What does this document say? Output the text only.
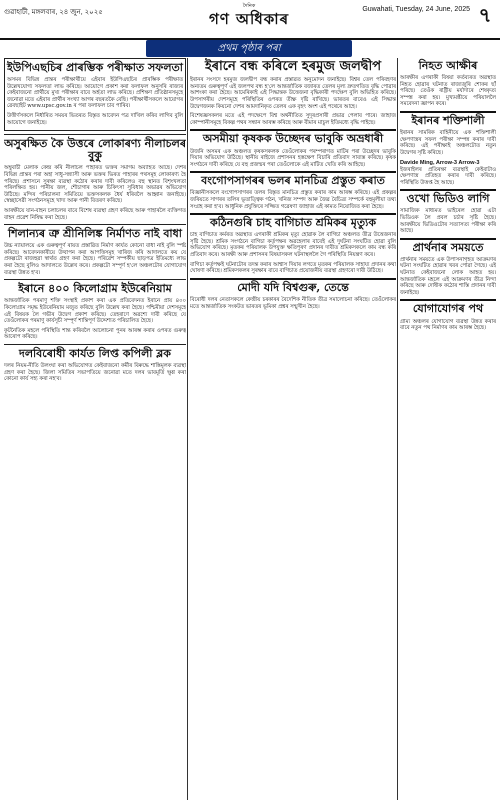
গুৱাহাটী, মঙ্গলবাৰ, ২৪ জুন, ২০২৫
দৈনিক
গণ অধিকাৰ
Guwahati, Tuesday, 24 June, 2025 ৭
প্ৰথম পৃষ্ঠাৰ পৰা
ইউপিএছচিৰ প্ৰাৰম্ভিক পৰীক্ষাত সফলতা
অসমৰ বিভিন্ন প্ৰান্তৰ পৰীক্ষাৰ্থীয়ে এইবাৰ ইউপিএছচিৰ প্ৰাৰম্ভিক পৰীক্ষাত উল্লেখযোগ্য সফলতা লাভ কৰিছে। আয়োগে প্ৰকাশ কৰা ফলাফল অনুসৰি ৰাজ্যৰ কেইবাজনো প্ৰাৰ্থীয়ে মুখ্য পৰীক্ষাৰ বাবে অৰ্হতা লাভ কৰিছে। প্ৰশিক্ষণ প্ৰতিষ্ঠানসমূহে জনোৱা মতে এইবাৰ প্ৰাৰ্থীৰ সংখ্যা আগৰ বছৰতকৈ বেছি। পৰীক্ষাৰ্থীসকলে আয়োগৰ ৱেবছাইট www.upsc.gov.in ৰ পৰা ফলাফল চাব পাৰিব।
উত্তীৰ্ণসকলে নিৰ্ধাৰিত সময়ৰ ভিতৰত বিস্তৃত আবেদন পত্ৰ দাখিল কৰিব লাগিব বুলি আয়োগে জনাইছে।
অসুৰক্ষিত কৈ উত্তৰে লোকাৰণ্য নীলাচলৰ বুকু
অম্বুবাচী মেলাক কেন্দ্ৰ কৰি নীলাচল পাহাৰত ভক্তৰ সমাগম অব্যাহত আছে। দেশৰ বিভিন্ন প্ৰান্তৰ পৰা অহা সাধু-সন্ন্যাসী আৰু ভক্তৰ ভিৰত পাহাৰৰ পথসমূহ লোকাৰণ্য হৈ পৰিছে। প্ৰশাসনে সুৰক্ষা ব্যৱস্থা কঠোৰ কৰাৰ দাবী কৰিলেও বহু স্থানত বিশৃংখলতা পৰিলক্ষিত হয়। পানীয় জল, শৌচাগাৰ আৰু চিকিৎসা সুবিধাৰ অভাৱৰ অভিযোগ উঠিছে। মন্দিৰ পৰিচালনা সমিতিয়ে ভক্তসকলক ধৈৰ্য ধৰিবলৈ আহ্বান জনাইছে। স্বেচ্ছাসেৱী সংগঠনসমূহে খাদ্য আৰু পানী বিতৰণ কৰিছে।
আৰক্ষীয়ে যান-বাহন চলাচলৰ বাবে বিশেষ ব্যৱস্থা গ্ৰহণ কৰিছে আৰু পাহাৰলৈ ব্যক্তিগত বাহন প্ৰৱেশ নিষিদ্ধ কৰা হৈছে।
শিলান্যৰ ত্ৰু শ্ৰীনিলিঙ্ক নিৰ্মাণত নাই বাধা
উচ্চ ন্যায়ালয়ে এক গুৰুত্বপূৰ্ণ ৰায়ত প্ৰস্তাৱিত নিৰ্মাণ কাৰ্যত কোনো বাধা নাই বুলি স্পষ্ট কৰিছে। আবেদনকাৰীয়ে উত্থাপন কৰা আপত্তিসমূহ খাৰিজ কৰি আদালতে কয় যে প্ৰকল্পটো ৰাজহুৱা স্বাৰ্থত গ্ৰহণ কৰা হৈছে। পৰিৱেশ সম্পৰ্কীয় ছাড়পত্ৰ ইতিমধ্যে লাভ কৰা হৈছে বুলিও আদালতে উল্লেখ কৰে। প্ৰকল্পটো সম্পূৰ্ণ হ'লে অঞ্চলটোৰ যোগাযোগ ব্যৱস্থা উন্নত হ'ব।
ইৰানে ৪০০ কিলোগ্ৰাম ইউৰেনিয়াম
আন্তৰ্জাতিক পৰমাণু শক্তি সংস্থাই প্ৰকাশ কৰা এক প্ৰতিবেদনত ইৰানে প্ৰায় ৪০০ কিলোগ্ৰাম সমৃদ্ধ ইউৰেনিয়াম মজুত কৰিছে বুলি উল্লেখ কৰা হৈছে। পশ্চিমীয়া দেশসমূহে এই বিষয়ক লৈ গভীৰ উদ্বেগ প্ৰকাশ কৰিছে। তেহৰাণে অৱশ্যে দাবী কৰিছে যে তেওঁলোকৰ পৰমাণু কাৰ্যসূচী সম্পূৰ্ণ শান্তিপূৰ্ণ উদ্দেশ্যত পৰিচালিত হৈছে।
কূটনৈতিক মহলে পৰিস্থিতি শান্ত কৰিবলৈ আলোচনা পুনৰ আৰম্ভ কৰাৰ ওপৰত গুৰুত্ব আৰোপ কৰিছে।
দলবিৰোধী কাৰ্যত লিপ্ত কপিলী ব্লক
দলৰ নিয়ম-নীতি উলংঘা কৰা অভিযোগত কেইবাজনো কৰ্মীৰ বিৰুদ্ধে শাস্তিমূলক ব্যৱস্থা গ্ৰহণ কৰা হৈছে। জিলা সমিতিৰ সভাপতিয়ে জনোৱা মতে দলৰ ভাবমূৰ্তি ক্ষুণ্ণ কৰা কোনো কাৰ্য সহ্য কৰা নহ'ব।
ইৰানে বন্ধ কৰিলে হৰমুজ জলদ্বীপ
ইৰানৰ সংসদে হৰমুজ জলদ্বীপ বন্ধ কৰাৰ প্ৰস্তাৱত অনুমোদন জনাইছে। বিশ্বৰ তেল পৰিবহণৰ অন্যতম গুৰুত্বপূৰ্ণ এই জলপথ বন্ধ হ'লে আন্তৰ্জাতিক বজাৰত তেলৰ মূল্য দ্ৰুতগতিত বৃদ্ধি পোৱাৰ আশংকা কৰা হৈছে। আমেৰিকাই এই সিদ্ধান্তক উত্তেজনা বৃদ্ধিকাৰী পদক্ষেপ বুলি অভিহিত কৰিছে। উপসাগৰীয় দেশসমূহে পৰিস্থিতিৰ ওপৰত তীক্ষ্ণ দৃষ্টি ৰাখিছে। ভাৰতৰ বাবেও এই সিদ্ধান্ত উদ্বেগজনক কিয়নো দেশৰ আমদানিকৃত তেলৰ এক বৃহৎ অংশ এই পথেৰে আহে।
বিশেষজ্ঞসকলৰ মতে এই পদক্ষেপে বিশ্ব অৰ্থনীতিত সুদূৰপ্ৰসাৰী প্ৰভাৱ পেলাব পাৰে। জাহাজ কোম্পানীসমূহে বিকল্প পথৰ সন্ধান আৰম্ভ কৰিছে আৰু বীমাৰ মাচুল ইতিমধ্যে বৃদ্ধি পাইছে।
অসমীয়া কৃষকক উচ্ছেদৰ ভাবুকি অভ্ৰধাৰী
উজনি অসমৰ এক অঞ্চলত কৃষকসকলক তেওঁলোকৰ পৰম্পৰাগত মাটিৰ পৰা উচ্ছেদৰ ভাবুকি দিয়াৰ অভিযোগ উঠিছে। স্থানীয় ৰাইজে প্ৰশাসনৰ হস্তক্ষেপ বিচাৰি প্ৰতিবাদ সাব্যস্ত কৰিছে। কৃষক সংগঠনে দাবী কৰিছে যে বহু প্ৰজন্মৰ পৰা তেওঁলোকে এই মাটিত খেতি কৰি আহিছে।
বংগোপসাগৰৰ ভলৰ মানচিত্ৰ প্ৰস্তুত কৰাত
বিজ্ঞানীসকলে বংগোপসাগৰৰ তলৰ বিস্তৃত মানচিত্ৰ প্ৰস্তুত কৰাৰ কাম আৰম্ভ কৰিছে। এই প্ৰকল্পৰ জৰিয়তে সাগৰৰ তলিৰ ভূতাত্ত্বিক গঠন, খনিজ সম্পদ আৰু জৈৱ বৈচিত্ৰ্য সম্পৰ্কে বহুমূলীয়া তথ্য সংগ্ৰহ কৰা হ'ব। আধুনিক প্ৰযুক্তিৰে সজ্জিত গৱেষণা জাহাজ এই কামত নিয়োজিত কৰা হৈছে।
কঠিনগুৰি চাহ বাগিচাত শ্ৰমিকৰ মৃত্যুক
চাহ বাগিচাত কৰ্মৰত অৱস্থাত এগৰাকী শ্ৰমিকৰ মৃত্যু হোৱাক লৈ বাগিচা অঞ্চলত তীব্ৰ উত্তেজনাৰ সৃষ্টি হৈছে। শ্ৰমিক সংগঠনে বাগিচা কৰ্তৃপক্ষৰ অৱহেলাৰ বাবেই এই দুৰ্ঘটনা সংঘটিত হোৱা বুলি অভিযোগ কৰিছে। মৃতকৰ পৰিয়ালক উপযুক্ত ক্ষতিপূৰণ প্ৰদানৰ দাবীত শ্ৰমিকসকলে কাম বন্ধ কৰি প্ৰতিবাদ কৰে। আৰক্ষী আৰু প্ৰশাসনৰ বিষয়াসকল ঘটনাস্থললৈ গৈ পৰিস্থিতি নিয়ন্ত্ৰণ কৰে।
বাগিচা কৰ্তৃপক্ষই ঘটনাটোৰ তদন্ত কৰাৰ আশ্বাস দিয়াৰ লগতে মৃতকৰ পৰিয়ালক সাহায্য প্ৰদানৰ কথা ঘোষণা কৰিছে। শ্ৰমিকসকলৰ সুৰক্ষাৰ বাবে বাগিচাত প্ৰয়োজনীয় ব্যৱস্থা গ্ৰহণৰো দাবী উঠিছে।
মোদী যদি বিশ্বগুৰু, তেন্তে
বিৰোধী দলৰ নেতাসকলে কেন্দ্ৰীয় চৰকাৰৰ বৈদেশিক নীতিক তীব্ৰ সমালোচনা কৰিছে। তেওঁলোকৰ মতে আন্তৰ্জাতিক সংকটত ভাৰতৰ ভূমিকা প্ৰশ্নৰ সন্মুখীন হৈছে।
নিহত আক্ষীৰ
আৰক্ষীৰ এগৰাকী বিষয়া কৰ্তব্যৰত অৱস্থাত নিহত হোৱাৰ ঘটনাত ৰাজ্যজুৰি শোকৰ ছাঁ পৰিছে। তেওঁক ৰাষ্ট্ৰীয় মৰ্যাদাৰে শেষকৃত্য সম্পন্ন কৰা হয়। মুখ্যমন্ত্ৰীয়ে পৰিয়াললৈ সমবেদনা জ্ঞাপন কৰে।
ইৰানৰ শক্তিশালী
ইৰানৰ সামৰিক বাহিনীয়ে এক শক্তিশালী ক্ষেপণাস্ত্ৰৰ সফল পৰীক্ষা সম্পন্ন কৰাৰ দাবী কৰিছে। এই পৰীক্ষাই অঞ্চলটোত নতুন উদ্বেগৰ সৃষ্টি কৰিছে।
Davide Ming, Arrow-3 Arrow-3
ইজৰাইলৰ প্ৰতিৰক্ষা ব্যৱস্থাই কেইবাটাও ক্ষেপণাস্ত্ৰ প্ৰতিহত কৰাৰ দাবী কৰিছে। পৰিস্থিতি উত্তপ্ত হৈ আছে।
ওখো ভিডিও লাগি
সামাজিক মাধ্যমত ভাইৰেল হোৱা এটা ভিডিওক লৈ প্ৰবল চৰ্চাৰ সৃষ্টি হৈছে। আৰক্ষীয়ে ভিডিওটোৰ সত্যাসত্য পৰীক্ষা কৰি আছে।
প্ৰাৰ্থনাৰ সময়তে
প্ৰাৰ্থনাৰ সময়তে এক উপাসনাগৃহত আক্ৰমণৰ ঘটনা সংঘটিত হোৱাৰ খবৰ পোৱা গৈছে। এই ঘটনাত কেইবাজনো লোক আহত হয়। আন্তৰ্জাতিক মহলে এই আক্ৰমণৰ তীব্ৰ নিন্দা কৰিছে আৰু দোষীক কঠোৰ শাস্তি প্ৰদানৰ দাবী জনাইছে।
যোগাযোগৰ পথ
গ্ৰাম্য অঞ্চলৰ যোগাযোগ ব্যৱস্থা উন্নত কৰাৰ বাবে নতুন পথ নিৰ্মাণৰ কাম আৰম্ভ হৈছে।
